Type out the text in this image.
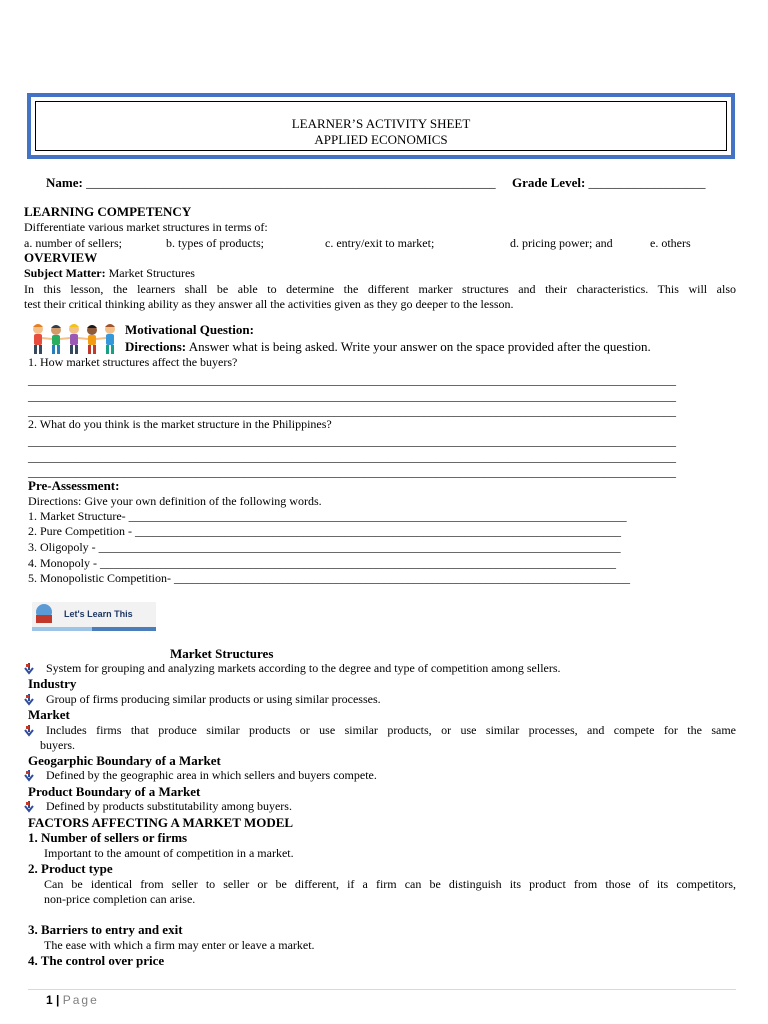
LEARNER’S ACTIVITY SHEET
APPLIED ECONOMICS
Name: _______________________________________________________________ Grade Level: __________________
LEARNING COMPETENCY
Differentiate various market structures in terms of:
a. number of sellers;	b. types of products;	c. entry/exit to market;	d. pricing power; and	e. others
OVERVIEW
Subject Matter: Market Structures
In this lesson, the learners shall be able to determine the different marker structures and their characteristics. This will also
test their critical thinking ability as they answer all the activities given as they go deeper to the lesson.
Motivational Question:
Directions: Answer what is being asked. Write your answer on the space provided after the question.
1. How market structures affect the buyers?
____________________________________________________________________________________________________________
____________________________________________________________________________________________________________
____________________________________________________________________________________________________________
2. What do you think is the market structure in the Philippines?
____________________________________________________________________________________________________________
____________________________________________________________________________________________________________
____________________________________________________________________________________________________________
Pre-Assessment:
Directions: Give your own definition of the following words.
1. Market Structure- ___________________________________________________________________________________
2. Pure Competition - _________________________________________________________________________________
3. Oligopoly - _______________________________________________________________________________________
4. Monopoly - ______________________________________________________________________________________
5. Monopolistic Competition- ____________________________________________________________________________
Let's Learn This
Market Structures
System for grouping and analyzing markets according to the degree and type of competition among sellers.
Industry
Group of firms producing similar products or using similar processes.
Market
Includes firms that produce similar products or use similar products, or use similar processes, and compete for the same
buyers.
Geogarphic Boundary of a Market
Defined by the geographic area in which sellers and buyers compete.
Product Boundary of a Market
Defined by products substitutability among buyers.
FACTORS AFFECTING A MARKET MODEL
1. Number of sellers or firms
Important to the amount of competition in a market.
2. Product type
Can be identical from seller to seller or be different, if a firm can be distinguish its product from those of its competitors,
non-price completion can arise.
3. Barriers to entry and exit
The ease with which a firm may enter or leave a market.
4. The control over price
1 | Page
